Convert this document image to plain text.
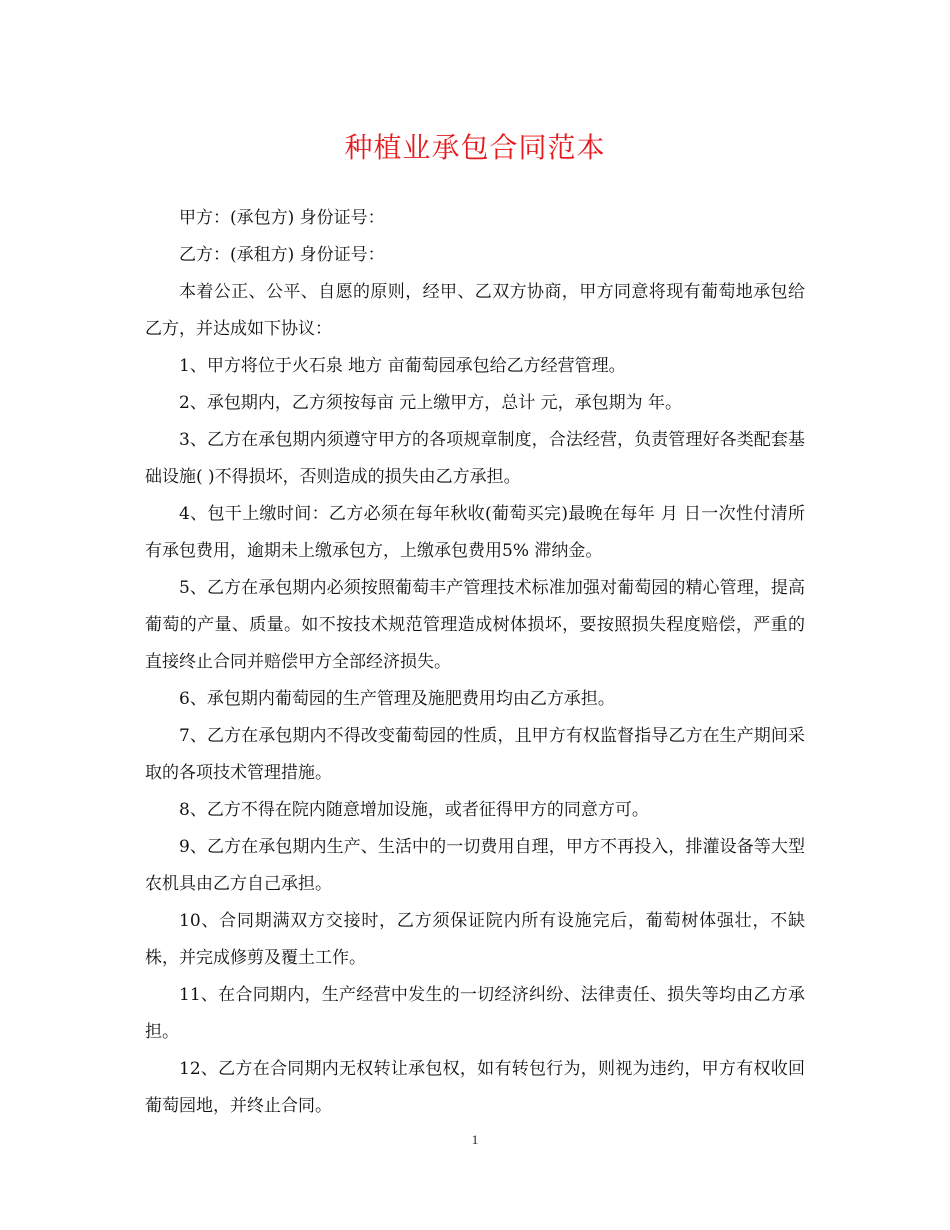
种植业承包合同范本

甲方：(承包方) 身份证号：

乙方：(承租方) 身份证号：

本着公正、公平、自愿的原则，经甲、乙双方协商，甲方同意将现有葡萄地承包给乙方，并达成如下协议：

1、甲方将位于火石泉 地方 亩葡萄园承包给乙方经营管理。

2、承包期内，乙方须按每亩 元上缴甲方，总计 元，承包期为 年。

3、乙方在承包期内须遵守甲方的各项规章制度，合法经营，负责管理好各类配套基础设施( )不得损坏，否则造成的损失由乙方承担。

4、包干上缴时间：乙方必须在每年秋收(葡萄买完)最晚在每年 月 日一次性付清所有承包费用，逾期未上缴承包方，上缴承包费用5% 滞纳金。

5、乙方在承包期内必须按照葡萄丰产管理技术标准加强对葡萄园的精心管理，提高葡萄的产量、质量。如不按技术规范管理造成树体损坏，要按照损失程度赔偿，严重的直接终止合同并赔偿甲方全部经济损失。

6、承包期内葡萄园的生产管理及施肥费用均由乙方承担。

7、乙方在承包期内不得改变葡萄园的性质，且甲方有权监督指导乙方在生产期间采取的各项技术管理措施。

8、乙方不得在院内随意增加设施，或者征得甲方的同意方可。

9、乙方在承包期内生产、生活中的一切费用自理，甲方不再投入，排灌设备等大型农机具由乙方自己承担。

10、合同期满双方交接时，乙方须保证院内所有设施完后，葡萄树体强壮，不缺株，并完成修剪及覆土工作。

11、在合同期内，生产经营中发生的一切经济纠纷、法律责任、损失等均由乙方承担。

12、乙方在合同期内无权转让承包权，如有转包行为，则视为违约，甲方有权收回葡萄园地，并终止合同。

1
